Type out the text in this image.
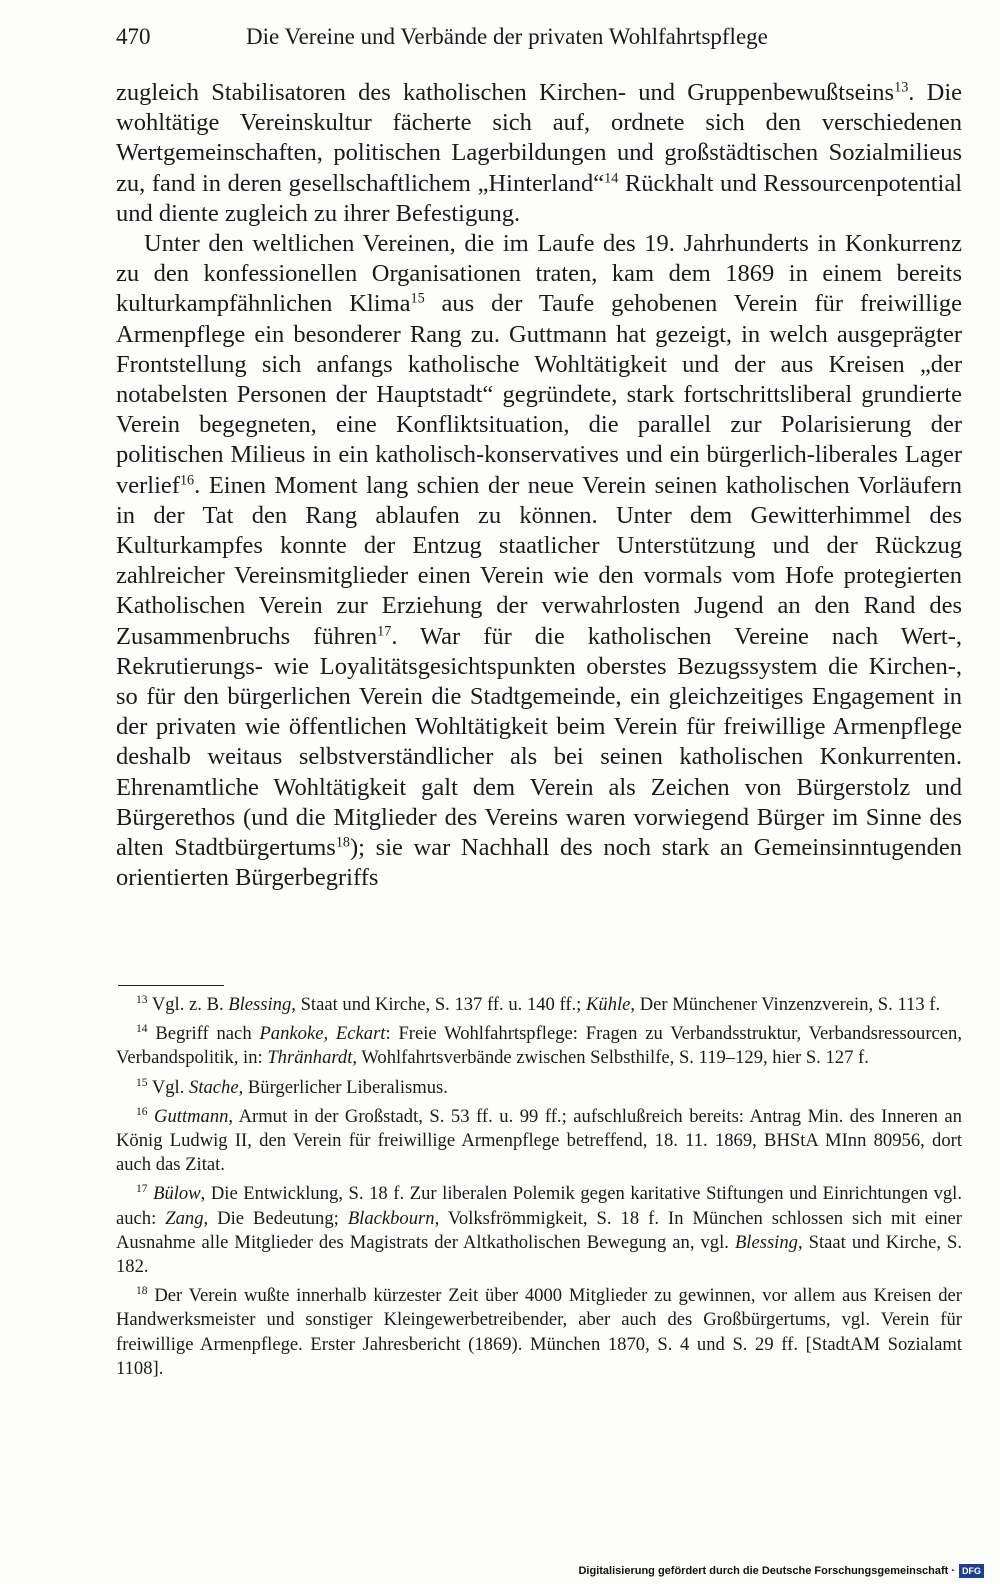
470	Die Vereine und Verbände der privaten Wohlfahrtspflege

zugleich Stabilisatoren des katholischen Kirchen- und Gruppenbewußtseins$^{13}$. Die wohltätige Vereinskultur fächerte sich auf, ordnete sich den verschiedenen Wertgemeinschaften, politischen Lagerbildungen und großstädtischen Sozialmilieus zu, fand in deren gesellschaftlichem „Hinterland“$^{14}$ Rückhalt und Ressourcenpotential und diente zugleich zu ihrer Befestigung.

Unter den weltlichen Vereinen, die im Laufe des 19. Jahrhunderts in Konkurrenz zu den konfessionellen Organisationen traten, kam dem 1869 in einem bereits kulturkampfähnlichen Klima$^{15}$ aus der Taufe gehobenen Verein für freiwillige Armenpflege ein besonderer Rang zu. Guttmann hat gezeigt, in welch ausgeprägter Frontstellung sich anfangs katholische Wohltätigkeit und der aus Kreisen „der notabelsten Personen der Hauptstadt“ gegründete, stark fortschrittsliberal grundierte Verein begegneten, eine Konfliktsituation, die parallel zur Polarisierung der politischen Milieus in ein katholisch-konservatives und ein bürgerlich-liberales Lager verlief$^{16}$. Einen Moment lang schien der neue Verein seinen katholischen Vorläufern in der Tat den Rang ablaufen zu können. Unter dem Gewitterhimmel des Kulturkampfes konnte der Entzug staatlicher Unterstützung und der Rückzug zahlreicher Vereinsmitglieder einen Verein wie den vormals vom Hofe protegierten Katholischen Verein zur Erziehung der verwahrlosten Jugend an den Rand des Zusammenbruchs führen$^{17}$. War für die katholischen Vereine nach Wert-, Rekrutierungs- wie Loyalitätsgesichtspunkten oberstes Bezugssystem die Kirchen-, so für den bürgerlichen Verein die Stadtgemeinde, ein gleichzeitiges Engagement in der privaten wie öffentlichen Wohltätigkeit beim Verein für freiwillige Armenpflege deshalb weitaus selbstverständlicher als bei seinen katholischen Konkurrenten. Ehrenamtliche Wohltätigkeit galt dem Verein als Zeichen von Bürgerstolz und Bürgerethos (und die Mitglieder des Vereins waren vorwiegend Bürger im Sinne des alten Stadtbürgertums$^{18}$); sie war Nachhall des noch stark an Gemeinsinntugenden orientierten Bürgerbegriffs

$^{13}$ Vgl. z. B. Blessing, Staat und Kirche, S. 137 ff. u. 140 ff.; Kühle, Der Münchener Vinzenzverein, S. 113 f.

$^{14}$ Begriff nach Pankoke, Eckart: Freie Wohlfahrtspflege: Fragen zu Verbandsstruktur, Verbandsressourcen, Verbandspolitik, in: Thränhardt, Wohlfahrtsverbände zwischen Selbsthilfe, S. 119–129, hier S. 127 f.

$^{15}$ Vgl. Stache, Bürgerlicher Liberalismus.

$^{16}$ Guttmann, Armut in der Großstadt, S. 53 ff. u. 99 ff.; aufschlußreich bereits: Antrag Min. des Inneren an König Ludwig II, den Verein für freiwillige Armenpflege betreffend, 18. 11. 1869, BHStA MInn 80956, dort auch das Zitat.

$^{17}$ Bülow, Die Entwicklung, S. 18 f. Zur liberalen Polemik gegen karitative Stiftungen und Einrichtungen vgl. auch: Zang, Die Bedeutung; Blackbourn, Volksfrömmigkeit, S. 18 f. In München schlossen sich mit einer Ausnahme alle Mitglieder des Magistrats der Altkatholischen Bewegung an, vgl. Blessing, Staat und Kirche, S. 182.

$^{18}$ Der Verein wußte innerhalb kürzester Zeit über 4000 Mitglieder zu gewinnen, vor allem aus Kreisen der Handwerksmeister und sonstiger Kleingewerbetreibender, aber auch des Großbürgertums, vgl. Verein für freiwillige Armenpflege. Erster Jahresbericht (1869). München 1870, S. 4 und S. 29 ff. [StadtAM Sozialamt 1108].

Digitalisierung gefördert durch die Deutsche Forschungsgemeinschaft · DFG
